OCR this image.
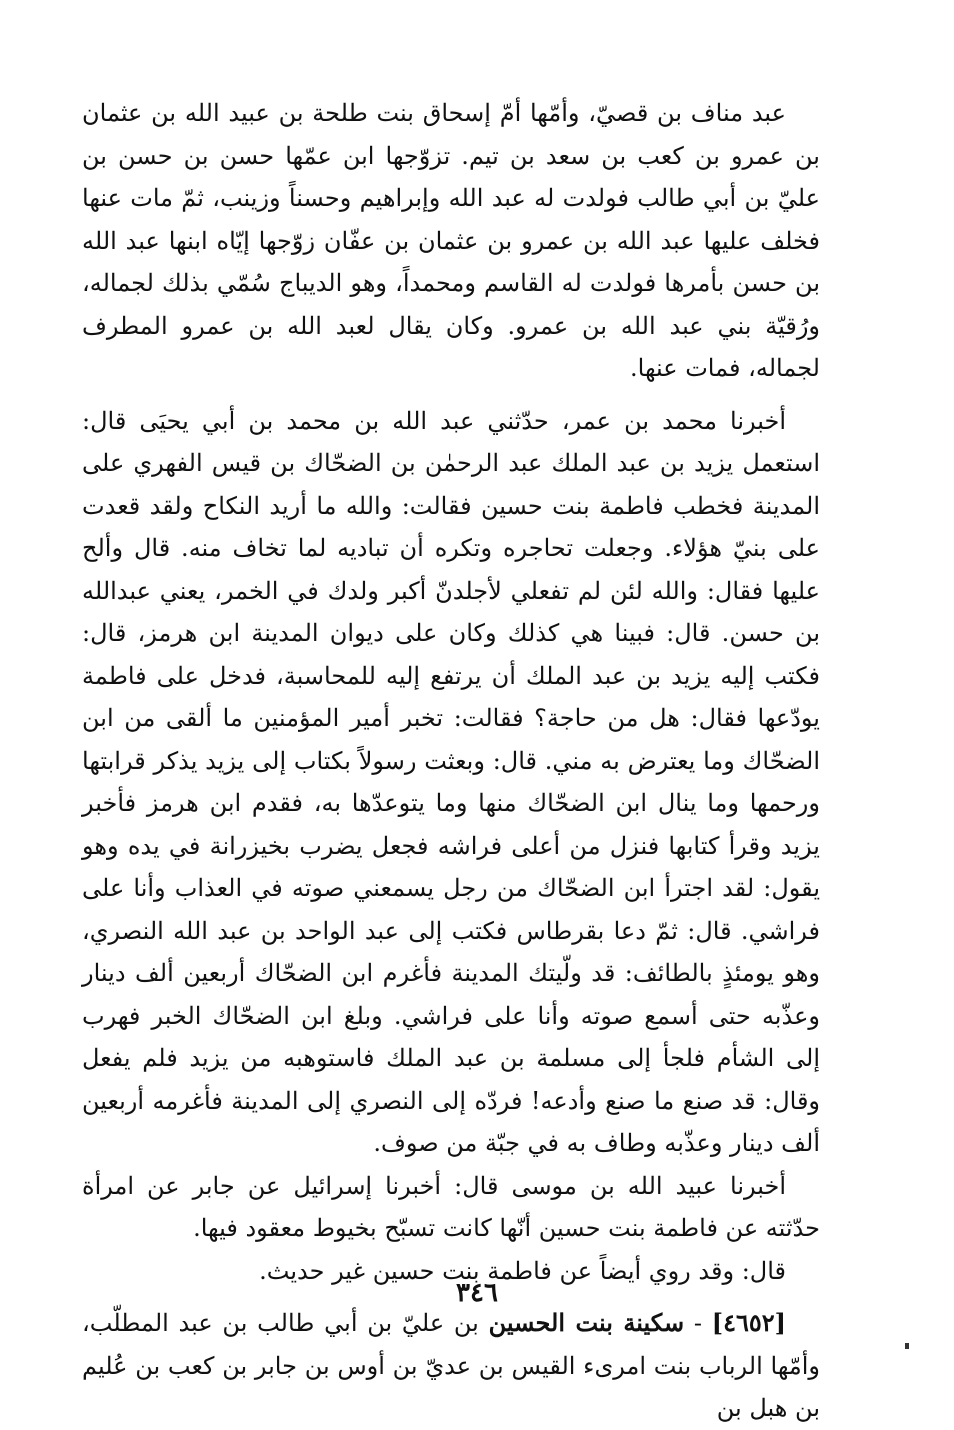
عبد مناف بن قصيّ، وأمّها أمّ إسحاق بنت طلحة بن عبيد الله بن عثمان بن عمرو بن كعب بن سعد بن تيم. تزوّجها ابن عمّها حسن بن حسن بن عليّ بن أبي طالب فولدت له عبد الله وإبراهيم وحسناً وزينب، ثمّ مات عنها فخلف عليها عبد الله بن عمرو بن عثمان بن عفّان زوّجها إيّاه ابنها عبد الله بن حسن بأمرها فولدت له القاسم ومحمداً، وهو الديباج سُمّي بذلك لجماله، ورُقيّة بني عبد الله بن عمرو. وكان يقال لعبد الله بن عمرو المطرف لجماله، فمات عنها.

أخبرنا محمد بن عمر، حدّثني عبد الله بن محمد بن أبي يحيَى قال: استعمل يزيد بن عبد الملك عبد الرحمٰن بن الضحّاك بن قيس الفهري على المدينة فخطب فاطمة بنت حسين فقالت: والله ما أريد النكاح ولقد قعدت على بنيّ هؤلاء. وجعلت تحاجره وتكره أن تباديه لما تخاف منه. قال وألح عليها فقال: والله لئن لم تفعلي لأجلدنّ أكبر ولدك في الخمر، يعني عبدالله بن حسن. قال: فبينا هي كذلك وكان على ديوان المدينة ابن هرمز، قال: فكتب إليه يزيد بن عبد الملك أن يرتفع إليه للمحاسبة، فدخل على فاطمة يودّعها فقال: هل من حاجة؟ فقالت: تخبر أمير المؤمنين ما ألقى من ابن الضحّاك وما يعترض به مني. قال: وبعثت رسولاً بكتاب إلى يزيد يذكر قرابتها ورحمها وما ينال ابن الضحّاك منها وما يتوعدّها به، فقدم ابن هرمز فأخبر يزيد وقرأ كتابها فنزل من أعلى فراشه فجعل يضرب بخيزرانة في يده وهو يقول: لقد اجترأ ابن الضحّاك من رجل يسمعني صوته في العذاب وأنا على فراشي. قال: ثمّ دعا بقرطاس فكتب إلى عبد الواحد بن عبد الله النصري، وهو يومئذٍ بالطائف: قد ولّيتك المدينة فأغرم ابن الضحّاك أربعين ألف دينار وعذّبه حتى أسمع صوته وأنا على فراشي. وبلغ ابن الضحّاك الخبر فهرب إلى الشأم فلجأ إلى مسلمة بن عبد الملك فاستوهبه من يزيد فلم يفعل وقال: قد صنع ما صنع وأدعه! فردّه إلى النصري إلى المدينة فأغرمه أربعين ألف دينار وعذّبه وطاف به في جبّة من صوف.

أخبرنا عبيد الله بن موسى قال: أخبرنا إسرائيل عن جابر عن امرأة حدّثته عن فاطمة بنت حسين أنّها كانت تسبّح بخيوط معقود فيها.

قال: وقد روي أيضاً عن فاطمة بنت حسين غير حديث.

[٤٦٥٢] - سكينة بنت الحسين بن عليّ بن أبي طالب بن عبد المطلّب، وأمّها الرباب بنت امرىء القيس بن عديّ بن أوس بن جابر بن كعب بن عُليم بن هبل بن

٣٤٦
